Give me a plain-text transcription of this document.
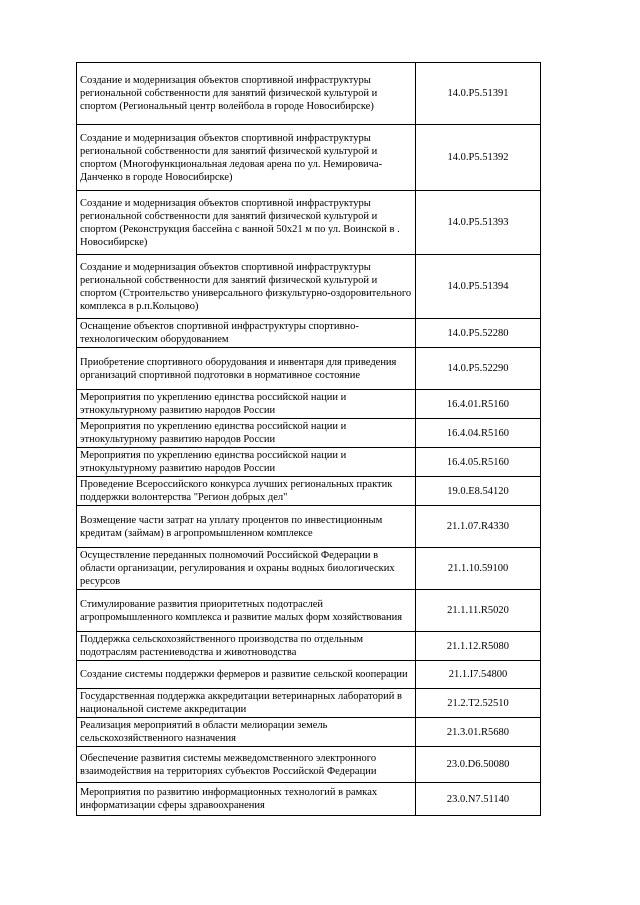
Создание и модернизация объектов спортивной инфраструктуры региональной собственности для занятий физической культурой и спортом (Региональный центр волейбола в городе Новосибирске)	14.0.P5.51391
Создание и модернизация объектов спортивной инфраструктуры региональной собственности для занятий физической культурой и спортом (Многофункциональная ледовая арена по ул. Немировича-Данченко в городе Новосибирске)	14.0.P5.51392
Создание и модернизация объектов спортивной инфраструктуры региональной собственности для занятий физической культурой и спортом (Реконструкция бассейна с ванной 50х21 м по ул. Воинской в . Новосибирске)	14.0.P5.51393
Создание и модернизация объектов спортивной инфраструктуры региональной собственности для занятий физической культурой и спортом (Строительство универсального физкультурно-оздоровительного комплекса в р.п.Кольцово)	14.0.P5.51394
Оснащение объектов спортивной инфраструктуры спортивно-технологическим оборудованием	14.0.P5.52280
Приобретение спортивного оборудования и инвентаря для приведения организаций спортивной подготовки в нормативное состояние	14.0.P5.52290
Мероприятия по укреплению единства российской нации и этнокультурному развитию народов России	16.4.01.R5160
Мероприятия по укреплению единства российской нации и этнокультурному развитию народов России	16.4.04.R5160
Мероприятия по укреплению единства российской нации и этнокультурному развитию народов России	16.4.05.R5160
Проведение Всероссийского конкурса лучших региональных практик поддержки волонтерства "Регион добрых дел"	19.0.E8.54120
Возмещение части затрат на уплату процентов по инвестиционным кредитам (займам) в агропромышленном комплексе	21.1.07.R4330
Осуществление переданных полномочий Российской Федерации в области организации, регулирования и охраны водных биологических ресурсов	21.1.10.59100
Стимулирование развития приоритетных подотраслей агропромышленного комплекса и развитие малых форм хозяйствования	21.1.11.R5020
Поддержка сельскохозяйственного производства по отдельным подотраслям растениеводства и животноводства	21.1.12.R5080
Создание системы поддержки фермеров и развитие сельской кооперации	21.1.I7.54800
Государственная поддержка аккредитации ветеринарных лабораторий в национальной системе аккредитации	21.2.T2.52510
Реализация мероприятий в области мелиорации земель сельскохозяйственного назначения	21.3.01.R5680
Обеспечение развития системы межведомственного электронного взаимодействия на территориях субъектов Российской Федерации	23.0.D6.50080
Мероприятия по развитию информационных технологий в рамках информатизации сферы здравоохранения	23.0.N7.51140
